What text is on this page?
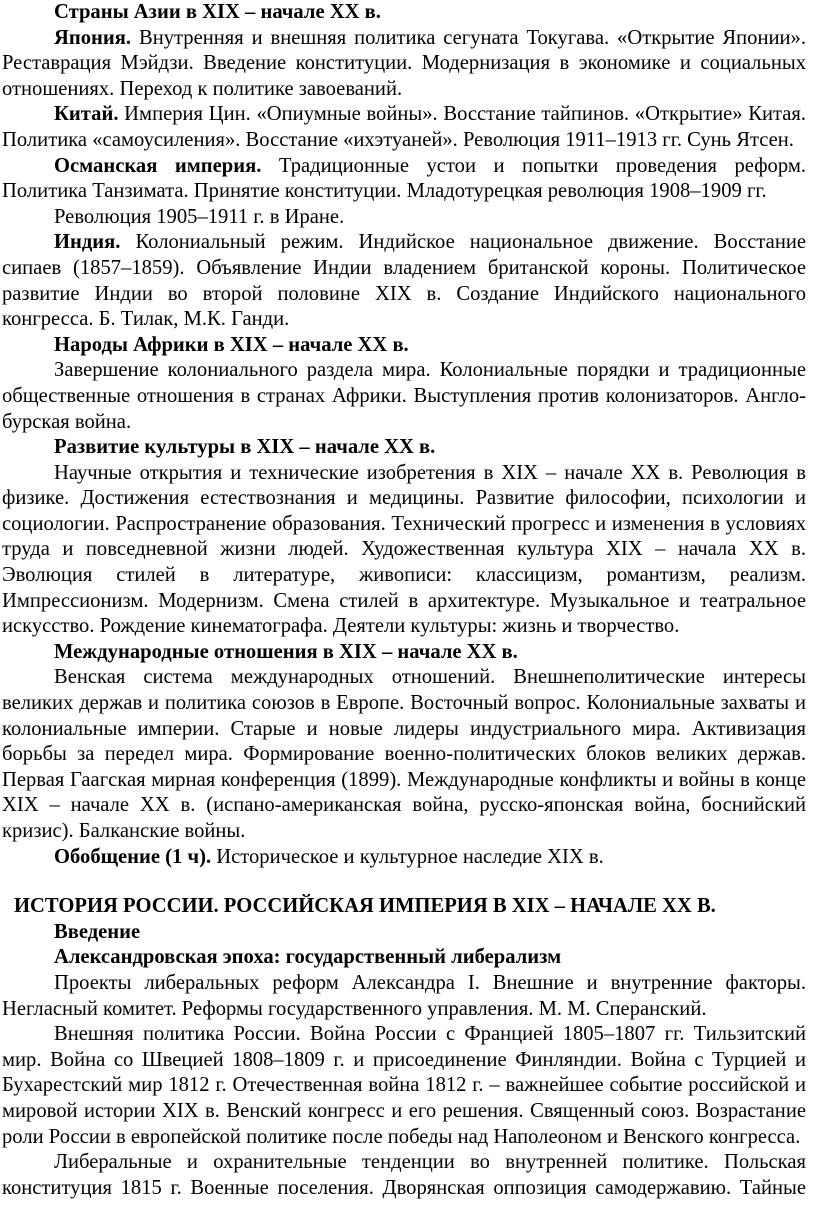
Страны Азии в XIX – начале XX в.

Япония. Внутренняя и внешняя политика сегуната Токугава. «Открытие Японии». Реставрация Мэйдзи. Введение конституции. Модернизация в экономике и социальных отношениях. Переход к политике завоеваний.

Китай. Империя Цин. «Опиумные войны». Восстание тайпинов. «Открытие» Китая. Политика «самоусиления». Восстание «ихэтуаней». Революция 1911–1913 гг. Сунь Ятсен.

Османская империя. Традиционные устои и попытки проведения реформ. Политика Танзимата. Принятие конституции. Младотурецкая революция 1908–1909 гг.

Революция 1905–1911 г. в Иране.

Индия. Колониальный режим. Индийское национальное движение. Восстание сипаев (1857–1859). Объявление Индии владением британской короны. Политическое развитие Индии во второй половине XIX в. Создание Индийского национального конгресса. Б. Тилак, М.К. Ганди.

Народы Африки в XIX – начале XX в.

Завершение колониального раздела мира. Колониальные порядки и традиционные общественные отношения в странах Африки. Выступления против колонизаторов. Англо-бурская война.

Развитие культуры в XIX – начале XX в.

Научные открытия и технические изобретения в XIX – начале XX в. Революция в физике. Достижения естествознания и медицины. Развитие философии, психологии и социологии. Распространение образования. Технический прогресс и изменения в условиях труда и повседневной жизни людей. Художественная культура XIX – начала XX в. Эволюция стилей в литературе, живописи: классицизм, романтизм, реализм. Импрессионизм. Модернизм. Смена стилей в архитектуре. Музыкальное и театральное искусство. Рождение кинематографа. Деятели культуры: жизнь и творчество.

Международные отношения в XIX – начале XX в.

Венская система международных отношений. Внешнеполитические интересы великих держав и политика союзов в Европе. Восточный вопрос. Колониальные захваты и колониальные империи. Старые и новые лидеры индустриального мира. Активизация борьбы за передел мира. Формирование военно-политических блоков великих держав. Первая Гаагская мирная конференция (1899). Международные конфликты и войны в конце XIX – начале XX в. (испано-американская война, русско-японская война, боснийский кризис). Балканские войны.

Обобщение (1 ч). Историческое и культурное наследие XIX в.

ИСТОРИЯ РОССИИ. РОССИЙСКАЯ ИМПЕРИЯ В XIX – НАЧАЛЕ XX В.

Введение

Александровская эпоха: государственный либерализм

Проекты либеральных реформ Александра I. Внешние и внутренние факторы. Негласный комитет. Реформы государственного управления. М. М. Сперанский.

Внешняя политика России. Война России с Францией 1805–1807 гг. Тильзитский мир. Война со Швецией 1808–1809 г. и присоединение Финляндии. Война с Турцией и Бухарестский мир 1812 г. Отечественная война 1812 г. – важнейшее событие российской и мировой истории XIX в. Венский конгресс и его решения. Священный союз. Возрастание роли России в европейской политике после победы над Наполеоном и Венского конгресса.

Либеральные и охранительные тенденции во внутренней политике. Польская конституция 1815 г. Военные поселения. Дворянская оппозиция самодержавию. Тайные
